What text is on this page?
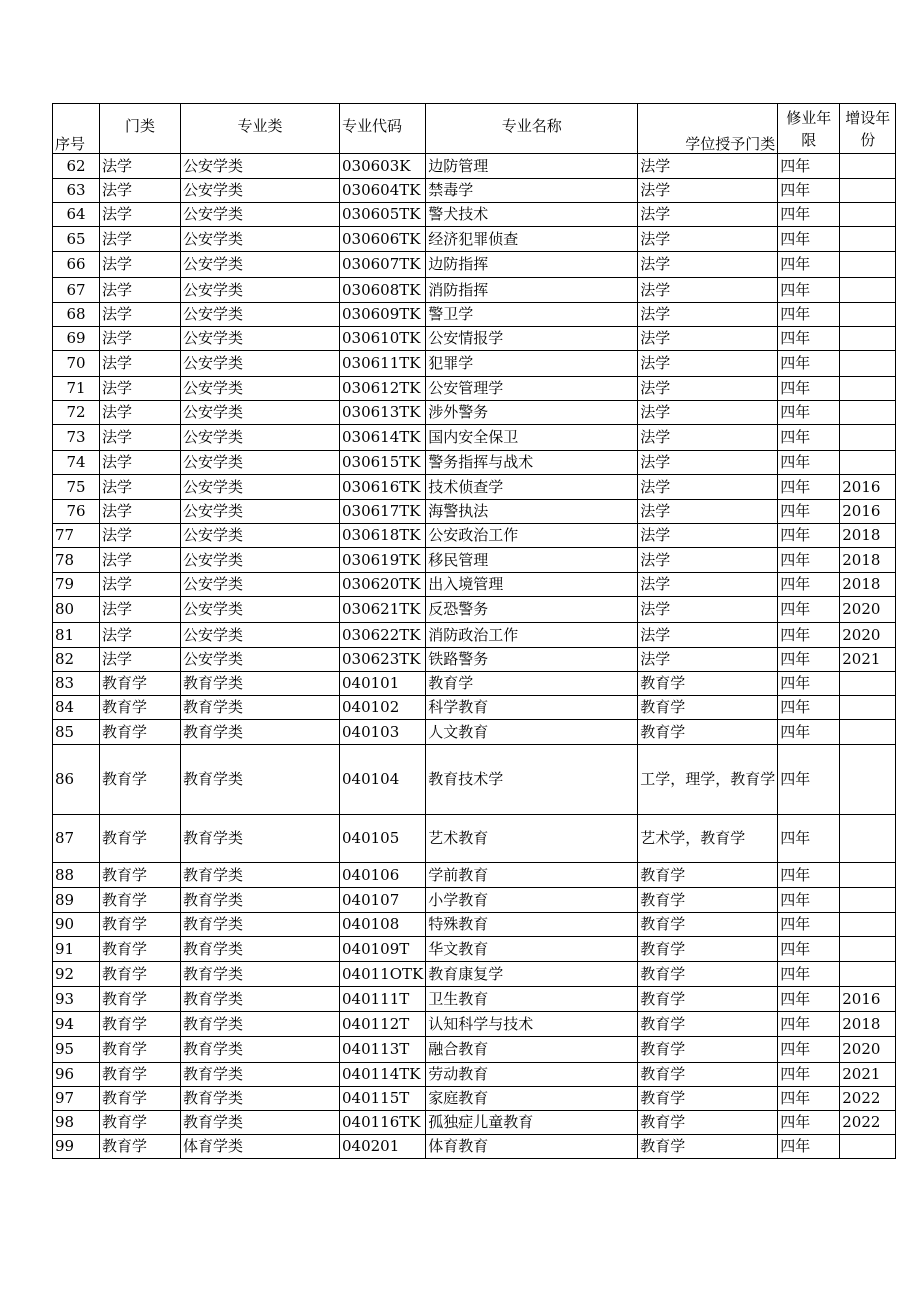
序号	门类	专业类	专业代码	专业名称	学位授予门类	修业年限	增设年份
62	法学	公安学类	030603K	边防管理	法学	四年	
63	法学	公安学类	030604TK	禁毒学	法学	四年	
64	法学	公安学类	030605TK	警犬技术	法学	四年	
65	法学	公安学类	030606TK	经济犯罪侦查	法学	四年	
66	法学	公安学类	030607TK	边防指挥	法学	四年	
67	法学	公安学类	030608TK	消防指挥	法学	四年	
68	法学	公安学类	030609TK	警卫学	法学	四年	
69	法学	公安学类	030610TK	公安情报学	法学	四年	
70	法学	公安学类	030611TK	犯罪学	法学	四年	
71	法学	公安学类	030612TK	公安管理学	法学	四年	
72	法学	公安学类	030613TK	涉外警务	法学	四年	
73	法学	公安学类	030614TK	国内安全保卫	法学	四年	
74	法学	公安学类	030615TK	警务指挥与战术	法学	四年	
75	法学	公安学类	030616TK	技术侦查学	法学	四年	2016
76	法学	公安学类	030617TK	海警执法	法学	四年	2016
77	法学	公安学类	030618TK	公安政治工作	法学	四年	2018
78	法学	公安学类	030619TK	移民管理	法学	四年	2018
79	法学	公安学类	030620TK	出入境管理	法学	四年	2018
80	法学	公安学类	030621TK	反恐警务	法学	四年	2020
81	法学	公安学类	030622TK	消防政治工作	法学	四年	2020
82	法学	公安学类	030623TK	铁路警务	法学	四年	2021
83	教育学	教育学类	040101	教育学	教育学	四年	
84	教育学	教育学类	040102	科学教育	教育学	四年	
85	教育学	教育学类	040103	人文教育	教育学	四年	
86	教育学	教育学类	040104	教育技术学	工学，理学，教育学	四年	
87	教育学	教育学类	040105	艺术教育	艺术学，教育学	四年	
88	教育学	教育学类	040106	学前教育	教育学	四年	
89	教育学	教育学类	040107	小学教育	教育学	四年	
90	教育学	教育学类	040108	特殊教育	教育学	四年	
91	教育学	教育学类	040109T	华文教育	教育学	四年	
92	教育学	教育学类	04011OTK	教育康复学	教育学	四年	
93	教育学	教育学类	040111T	卫生教育	教育学	四年	2016
94	教育学	教育学类	040112T	认知科学与技术	教育学	四年	2018
95	教育学	教育学类	040113T	融合教育	教育学	四年	2020
96	教育学	教育学类	040114TK	劳动教育	教育学	四年	2021
97	教育学	教育学类	040115T	家庭教育	教育学	四年	2022
98	教育学	教育学类	040116TK	孤独症儿童教育	教育学	四年	2022
99	教育学	体育学类	040201	体育教育	教育学	四年	
